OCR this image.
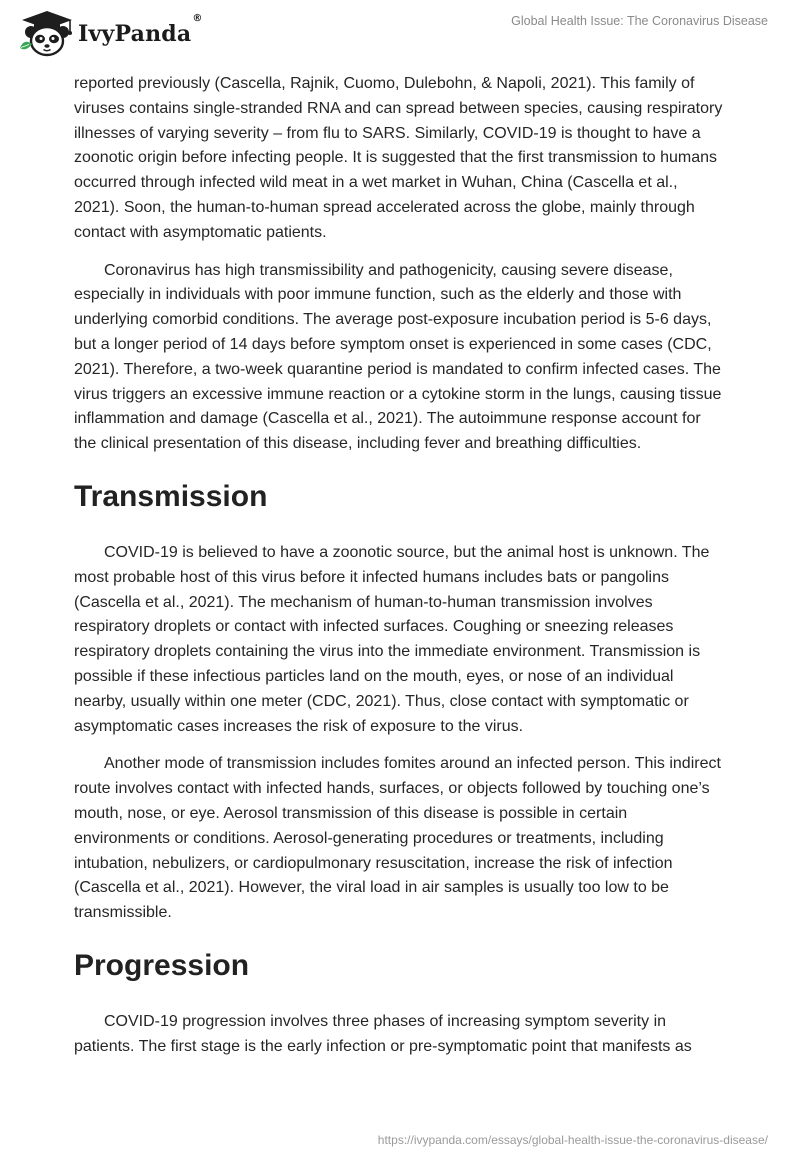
IvyPanda®	Global Health Issue: The Coronavirus Disease

reported previously (Cascella, Rajnik, Cuomo, Dulebohn, & Napoli, 2021). This family of viruses contains single-stranded RNA and can spread between species, causing respiratory illnesses of varying severity – from flu to SARS. Similarly, COVID-19 is thought to have a zoonotic origin before infecting people. It is suggested that the first transmission to humans occurred through infected wild meat in a wet market in Wuhan, China (Cascella et al., 2021). Soon, the human-to-human spread accelerated across the globe, mainly through contact with asymptomatic patients.

Coronavirus has high transmissibility and pathogenicity, causing severe disease, especially in individuals with poor immune function, such as the elderly and those with underlying comorbid conditions. The average post-exposure incubation period is 5-6 days, but a longer period of 14 days before symptom onset is experienced in some cases (CDC, 2021). Therefore, a two-week quarantine period is mandated to confirm infected cases. The virus triggers an excessive immune reaction or a cytokine storm in the lungs, causing tissue inflammation and damage (Cascella et al., 2021). The autoimmune response account for the clinical presentation of this disease, including fever and breathing difficulties.

Transmission

COVID-19 is believed to have a zoonotic source, but the animal host is unknown. The most probable host of this virus before it infected humans includes bats or pangolins (Cascella et al., 2021). The mechanism of human-to-human transmission involves respiratory droplets or contact with infected surfaces. Coughing or sneezing releases respiratory droplets containing the virus into the immediate environment. Transmission is possible if these infectious particles land on the mouth, eyes, or nose of an individual nearby, usually within one meter (CDC, 2021). Thus, close contact with symptomatic or asymptomatic cases increases the risk of exposure to the virus.

Another mode of transmission includes fomites around an infected person. This indirect route involves contact with infected hands, surfaces, or objects followed by touching one’s mouth, nose, or eye. Aerosol transmission of this disease is possible in certain environments or conditions. Aerosol-generating procedures or treatments, including intubation, nebulizers, or cardiopulmonary resuscitation, increase the risk of infection (Cascella et al., 2021). However, the viral load in air samples is usually too low to be transmissible.

Progression

COVID-19 progression involves three phases of increasing symptom severity in patients. The first stage is the early infection or pre-symptomatic point that manifests as

https://ivypanda.com/essays/global-health-issue-the-coronavirus-disease/
